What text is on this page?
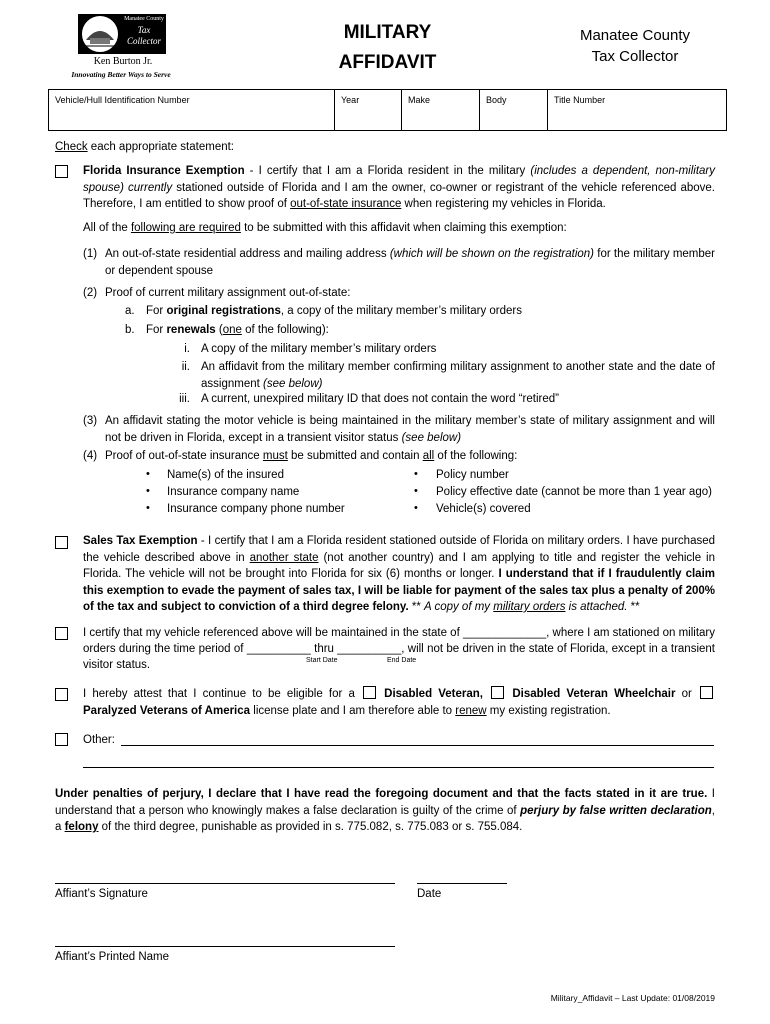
Manatee County
Tax
Collector
Ken Burton Jr.
Innovating Better Ways to Serve
MILITARY
AFFIDAVIT
Manatee County
Tax Collector
Vehicle/Hull Identification Number	Year	Make	Body	Title Number
Check each appropriate statement:
Florida Insurance Exemption - I certify that I am a Florida resident in the military (includes a dependent, non-military spouse) currently stationed outside of Florida and I am the owner, co-owner or registrant of the vehicle referenced above. Therefore, I am entitled to show proof of out-of-state insurance when registering my vehicles in Florida.
All of the following are required to be submitted with this affidavit when claiming this exemption:
(1) An out-of-state residential address and mailing address (which will be shown on the registration) for the military member or dependent spouse
(2) Proof of current military assignment out-of-state:
a. For original registrations, a copy of the military member’s military orders
b. For renewals (one of the following):
i. A copy of the military member’s military orders
ii. An affidavit from the military member confirming military assignment to another state and the date of assignment (see below)
iii. A current, unexpired military ID that does not contain the word “retired”
(3) An affidavit stating the motor vehicle is being maintained in the military member’s state of military assignment and will not be driven in Florida, except in a transient visitor status (see below)
(4) Proof of out-of-state insurance must be submitted and contain all of the following:
• Name(s) of the insured
• Insurance company name
• Insurance company phone number
• Policy number
• Policy effective date (cannot be more than 1 year ago)
• Vehicle(s) covered
Sales Tax Exemption - I certify that I am a Florida resident stationed outside of Florida on military orders. I have purchased the vehicle described above in another state (not another country) and I am applying to title and register the vehicle in Florida. The vehicle will not be brought into Florida for six (6) months or longer. I understand that if I fraudulently claim this exemption to evade the payment of sales tax, I will be liable for payment of the sales tax plus a penalty of 200% of the tax and subject to conviction of a third degree felony. ** A copy of my military orders is attached. **
I certify that my vehicle referenced above will be maintained in the state of _____________, where I am stationed on military orders during the time period of __________ thru __________, will not be driven in the state of Florida, except in a transient visitor status.	Start Date	End Date
I hereby attest that I continue to be eligible for a  Disabled Veteran,	Disabled Veteran Wheelchair or  Paralyzed Veterans of America license plate and I am therefore able to renew my existing registration.
Other:
Under penalties of perjury, I declare that I have read the foregoing document and that the facts stated in it are true. I understand that a person who knowingly makes a false declaration is guilty of the crime of perjury by false written declaration, a felony of the third degree, punishable as provided in s. 775.082, s. 775.083 or s. 755.084.
Affiant’s Signature	Date
Affiant’s Printed Name
Military_Affidavit – Last Update: 01/08/2019
